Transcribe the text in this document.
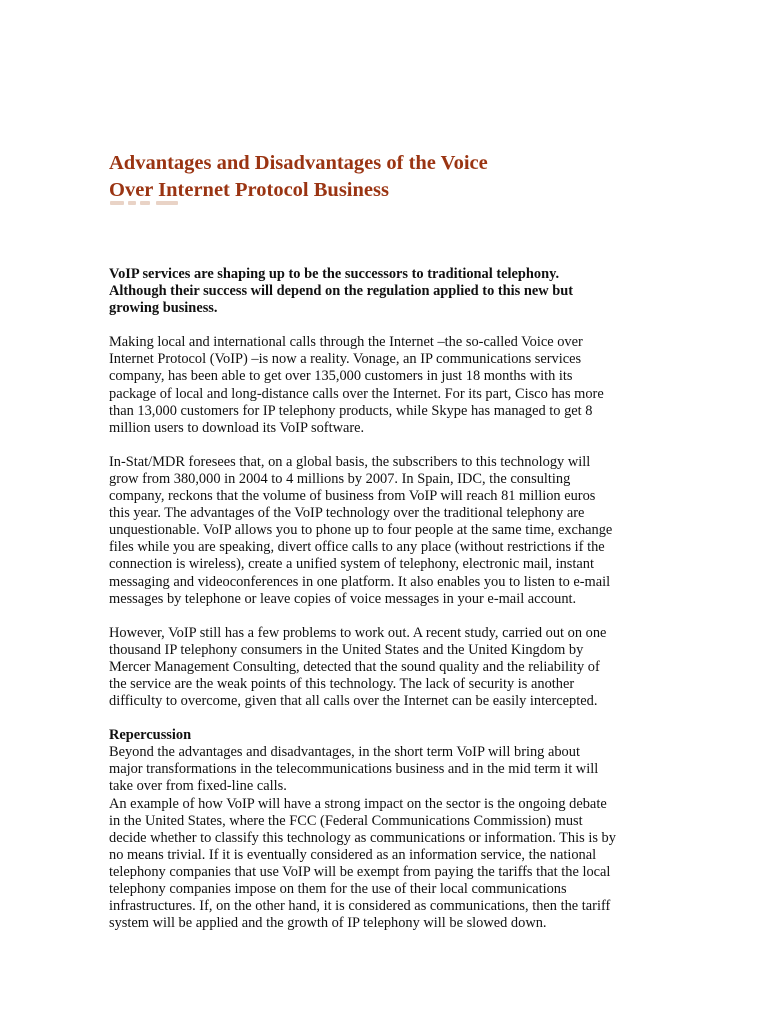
Advantages and Disadvantages of the Voice
Over Internet Protocol Business

VoIP services are shaping up to be the successors to traditional telephony.
Although their success will depend on the regulation applied to this new but
growing business.

Making local and international calls through the Internet –the so-called Voice over
Internet Protocol (VoIP) –is now a reality. Vonage, an IP communications services
company, has been able to get over 135,000 customers in just 18 months with its
package of local and long-distance calls over the Internet. For its part, Cisco has more
than 13,000 customers for IP telephony products, while Skype has managed to get 8
million users to download its VoIP software.

In-Stat/MDR foresees that, on a global basis, the subscribers to this technology will
grow from 380,000 in 2004 to 4 millions by 2007. In Spain, IDC, the consulting
company, reckons that the volume of business from VoIP will reach 81 million euros
this year. The advantages of the VoIP technology over the traditional telephony are
unquestionable. VoIP allows you to phone up to four people at the same time, exchange
files while you are speaking, divert office calls to any place (without restrictions if the
connection is wireless), create a unified system of telephony, electronic mail, instant
messaging and videoconferences in one platform. It also enables you to listen to e-mail
messages by telephone or leave copies of voice messages in your e-mail account.

However, VoIP still has a few problems to work out. A recent study, carried out on one
thousand IP telephony consumers in the United States and the United Kingdom by
Mercer Management Consulting, detected that the sound quality and the reliability of
the service are the weak points of this technology. The lack of security is another
difficulty to overcome, given that all calls over the Internet can be easily intercepted.

Repercussion
Beyond the advantages and disadvantages, in the short term VoIP will bring about
major transformations in the telecommunications business and in the mid term it will
take over from fixed-line calls.
An example of how VoIP will have a strong impact on the sector is the ongoing debate
in the United States, where the FCC (Federal Communications Commission) must
decide whether to classify this technology as communications or information. This is by
no means trivial. If it is eventually considered as an information service, the national
telephony companies that use VoIP will be exempt from paying the tariffs that the local
telephony companies impose on them for the use of their local communications
infrastructures. If, on the other hand, it is considered as communications, then the tariff
system will be applied and the growth of IP telephony will be slowed down.
